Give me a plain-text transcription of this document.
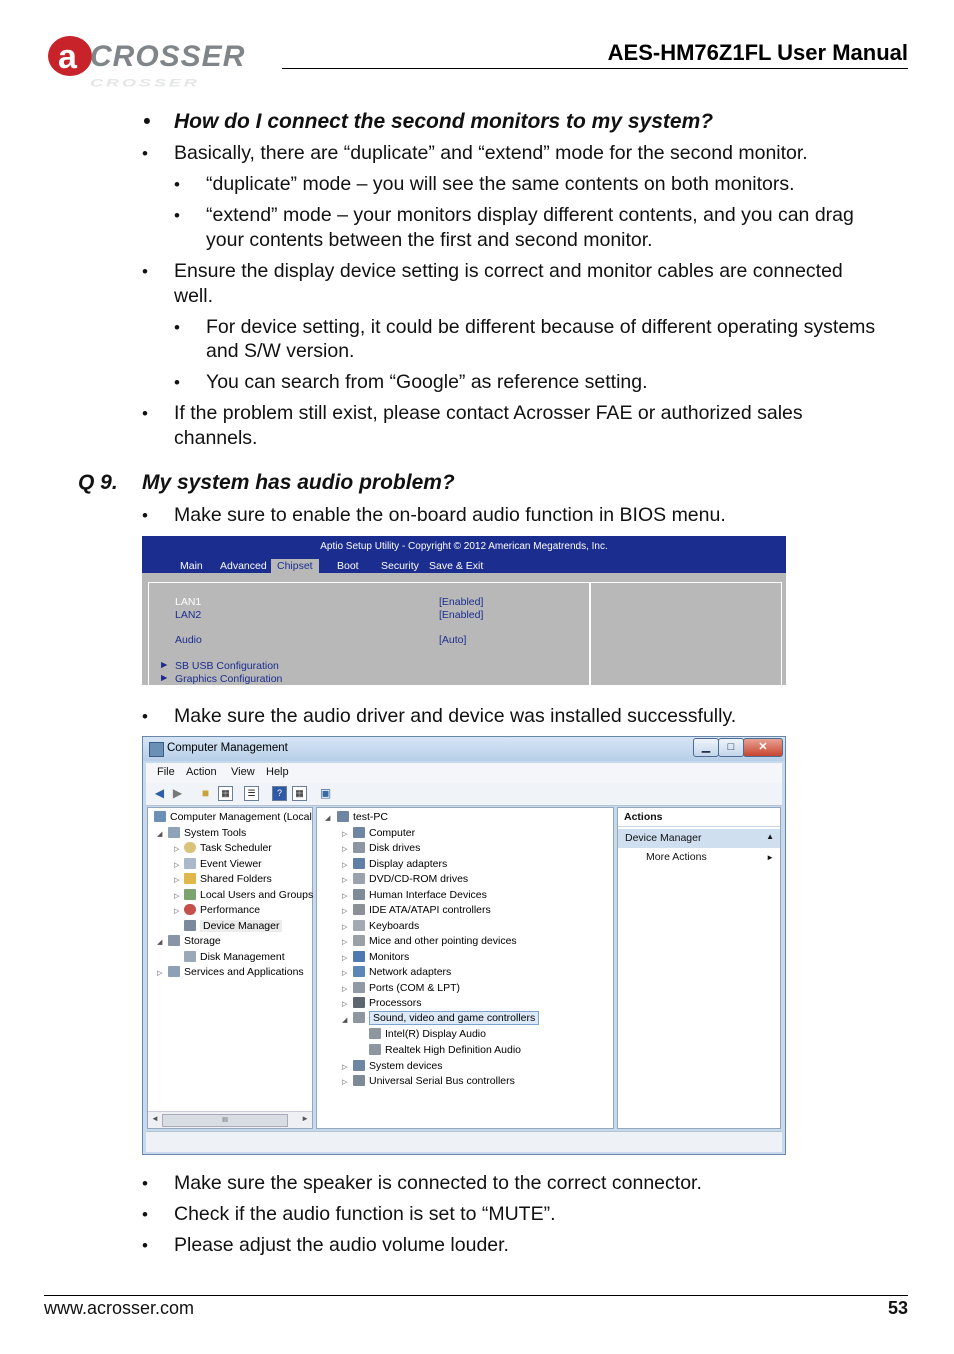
a CROSSER
CROSSER
AES-HM76Z1FL User Manual
• How do I connect the second monitors to my system?
• Basically, there are “duplicate” and “extend” mode for the second monitor.
• “duplicate” mode – you will see the same contents on both monitors.
• “extend” mode – your monitors display different contents, and you can drag
your contents between the first and second monitor.
• Ensure the display device setting is correct and monitor cables are connected
well.
• For device setting, it could be different because of different operating systems
and S/W version.
• You can search from “Google” as reference setting.
• If the problem still exist, please contact Acrosser FAE or authorized sales
channels.
Q 9. My system has audio problem?
• Make sure to enable the on-board audio function in BIOS menu.
Aptio Setup Utility - Copyright © 2012 American Megatrends, Inc.
Main Advanced Chipset	Boot Security Save & Exit
LAN1	[Enabled]
LAN2	[Enabled]
Audio	[Auto]
► SB USB Configuration
► Graphics Configuration
• Make sure the audio driver and device was installed successfully.
Computer Management	▁	□	✕
File Action View Help
◀ ▶	■	▦	☰	?	▦ ▣
Computer Management (Local
◢	System Tools
▷	Task Scheduler
▷	Event Viewer
▷	Shared Folders
▷	Local Users and Groups
▷	Performance
Device Manager
◢	Storage
Disk Management
▷	Services and Applications
◄	III	►
◢	test-PC
▷	Computer
▷	Disk drives
▷	Display adapters
▷	DVD/CD-ROM drives
▷	Human Interface Devices
▷	IDE ATA/ATAPI controllers
▷	Keyboards
▷	Mice and other pointing devices
▷	Monitors
▷	Network adapters
▷	Ports (COM & LPT)
▷	Processors
◢	Sound, video and game controllers
Intel(R) Display Audio
Realtek High Definition Audio
▷	System devices
▷	Universal Serial Bus controllers
Actions
Device Manager	▲
More Actions	►
• Make sure the speaker is connected to the correct connector.
• Check if the audio function is set to “MUTE”.
• Please adjust the audio volume louder.
www.acrosser.com	53
